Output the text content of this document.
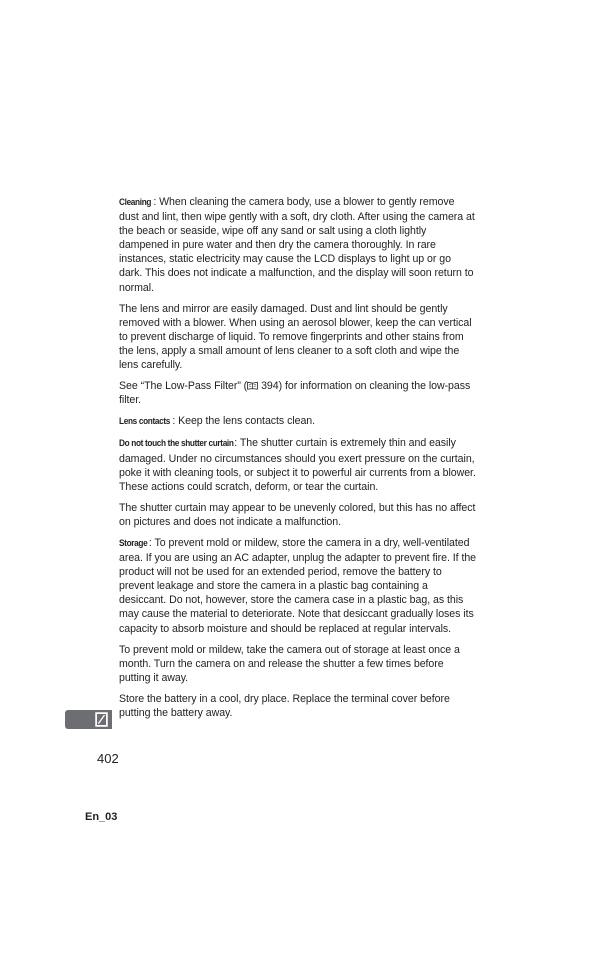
Cleaning : When cleaning the camera body, use a blower to gently remove dust and lint, then wipe gently with a soft, dry cloth. After using the camera at the beach or seaside, wipe off any sand or salt using a cloth lightly dampened in pure water and then dry the camera thoroughly. In rare instances, static electricity may cause the LCD displays to light up or go dark. This does not indicate a malfunction, and the display will soon return to normal.

The lens and mirror are easily damaged. Dust and lint should be gently removed with a blower. When using an aerosol blower, keep the can vertical to prevent discharge of liquid. To remove fingerprints and other stains from the lens, apply a small amount of lens cleaner to a soft cloth and wipe the lens carefully.

See “The Low-Pass Filter” ( 394) for information on cleaning the low-pass filter.

Lens contacts : Keep the lens contacts clean.

Do not touch the shutter curtain: The shutter curtain is extremely thin and easily damaged. Under no circumstances should you exert pressure on the curtain, poke it with cleaning tools, or subject it to powerful air currents from a blower. These actions could scratch, deform, or tear the curtain.

The shutter curtain may appear to be unevenly colored, but this has no affect on pictures and does not indicate a malfunction.

Storage : To prevent mold or mildew, store the camera in a dry, well-ventilated area. If you are using an AC adapter, unplug the adapter to prevent fire. If the product will not be used for an extended period, remove the battery to prevent leakage and store the camera in a plastic bag containing a desiccant. Do not, however, store the camera case in a plastic bag, as this may cause the material to deteriorate. Note that desiccant gradually loses its capacity to absorb moisture and should be replaced at regular intervals.

To prevent mold or mildew, take the camera out of storage at least once a month. Turn the camera on and release the shutter a few times before putting it away.

Store the battery in a cool, dry place. Replace the terminal cover before putting the battery away.

402
En_03
